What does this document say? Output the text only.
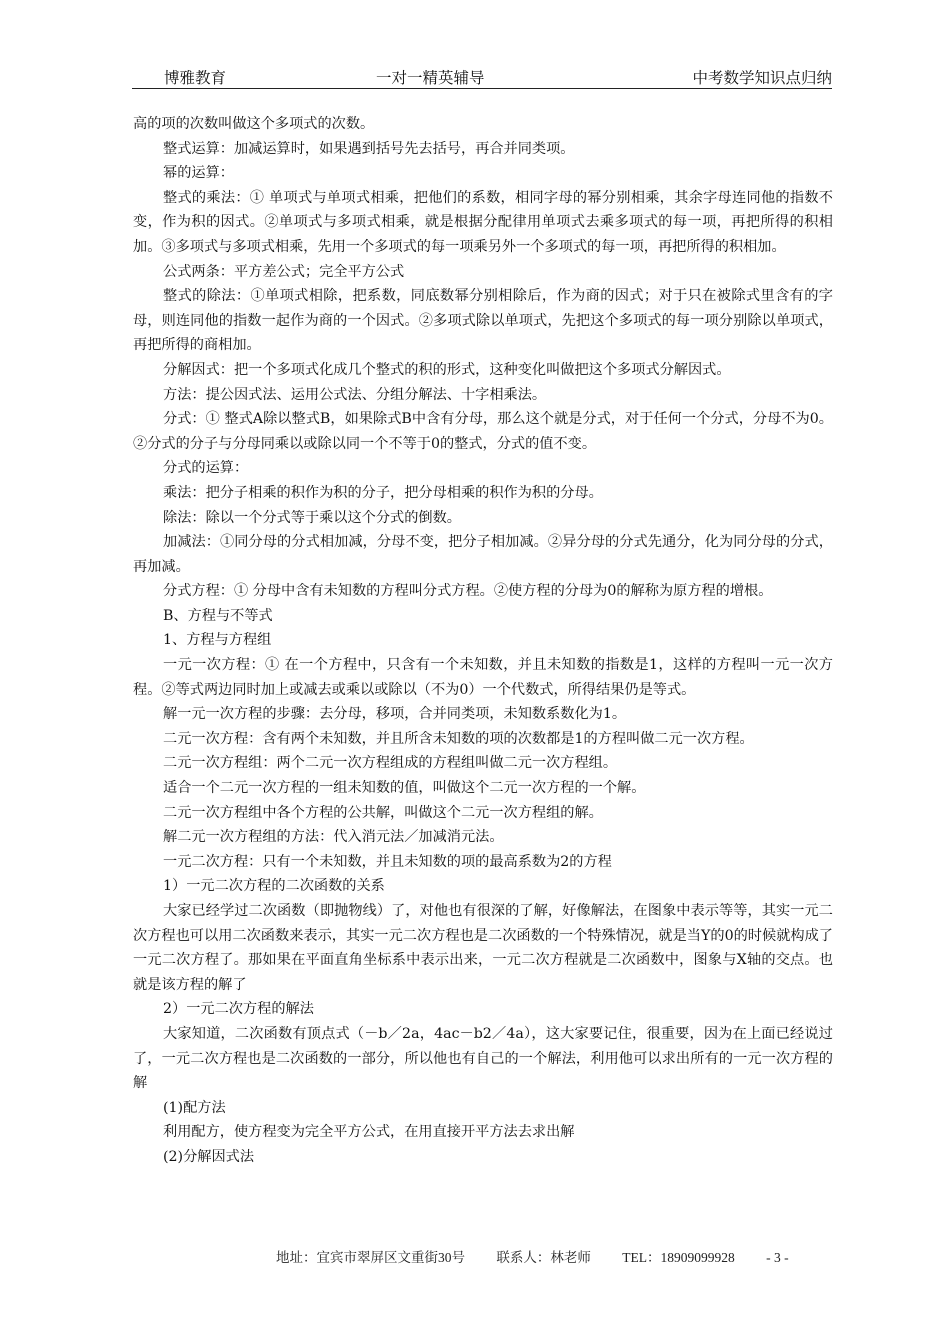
博雅教育	一对一精英辅导	中考数学知识点归纳

高的项的次数叫做这个多项式的次数。

整式运算：加减运算时，如果遇到括号先去括号，再合并同类项。

幂的运算：

整式的乘法：① 单项式与单项式相乘，把他们的系数，相同字母的幂分别相乘，其余字母连同他的指数不变，作为积的因式。②单项式与多项式相乘，就是根据分配律用单项式去乘多项式的每一项，再把所得的积相加。③多项式与多项式相乘，先用一个多项式的每一项乘另外一个多项式的每一项，再把所得的积相加。

公式两条：平方差公式；完全平方公式

整式的除法：①单项式相除，把系数，同底数幂分别相除后，作为商的因式；对于只在被除式里含有的字母，则连同他的指数一起作为商的一个因式。②多项式除以单项式，先把这个多项式的每一项分别除以单项式，再把所得的商相加。

分解因式：把一个多项式化成几个整式的积的形式，这种变化叫做把这个多项式分解因式。

方法：提公因式法、运用公式法、分组分解法、十字相乘法。

分式：① 整式A除以整式B，如果除式B中含有分母，那么这个就是分式，对于任何一个分式，分母不为0。②分式的分子与分母同乘以或除以同一个不等于0的整式，分式的值不变。

分式的运算：

乘法：把分子相乘的积作为积的分子，把分母相乘的积作为积的分母。

除法：除以一个分式等于乘以这个分式的倒数。

加减法：①同分母的分式相加减，分母不变，把分子相加减。②异分母的分式先通分，化为同分母的分式，再加减。

分式方程：① 分母中含有未知数的方程叫分式方程。②使方程的分母为0的解称为原方程的增根。

B、方程与不等式

1、方程与方程组

一元一次方程：① 在一个方程中，只含有一个未知数，并且未知数的指数是1，这样的方程叫一元一次方程。②等式两边同时加上或减去或乘以或除以（不为0）一个代数式，所得结果仍是等式。

解一元一次方程的步骤：去分母，移项，合并同类项，未知数系数化为1。

二元一次方程：含有两个未知数，并且所含未知数的项的次数都是1的方程叫做二元一次方程。

二元一次方程组：两个二元一次方程组成的方程组叫做二元一次方程组。

适合一个二元一次方程的一组未知数的值，叫做这个二元一次方程的一个解。

二元一次方程组中各个方程的公共解，叫做这个二元一次方程组的解。

解二元一次方程组的方法：代入消元法／加减消元法。

一元二次方程：只有一个未知数，并且未知数的项的最高系数为2的方程

1）一元二次方程的二次函数的关系

大家已经学过二次函数（即抛物线）了，对他也有很深的了解，好像解法，在图象中表示等等，其实一元二次方程也可以用二次函数来表示，其实一元二次方程也是二次函数的一个特殊情况，就是当Y的0的时候就构成了一元二次方程了。那如果在平面直角坐标系中表示出来，一元二次方程就是二次函数中，图象与X轴的交点。也就是该方程的解了

2）一元二次方程的解法

大家知道，二次函数有顶点式（－b／2a，4ac－b2／4a），这大家要记住，很重要，因为在上面已经说过了，一元二次方程也是二次函数的一部分，所以他也有自己的一个解法，利用他可以求出所有的一元一次方程的解

(1)配方法

利用配方，使方程变为完全平方公式，在用直接开平方法去求出解

(2)分解因式法

地址：宜宾市翠屏区文重街30号 联系人：林老师 TEL：18909099928 - 3 -
